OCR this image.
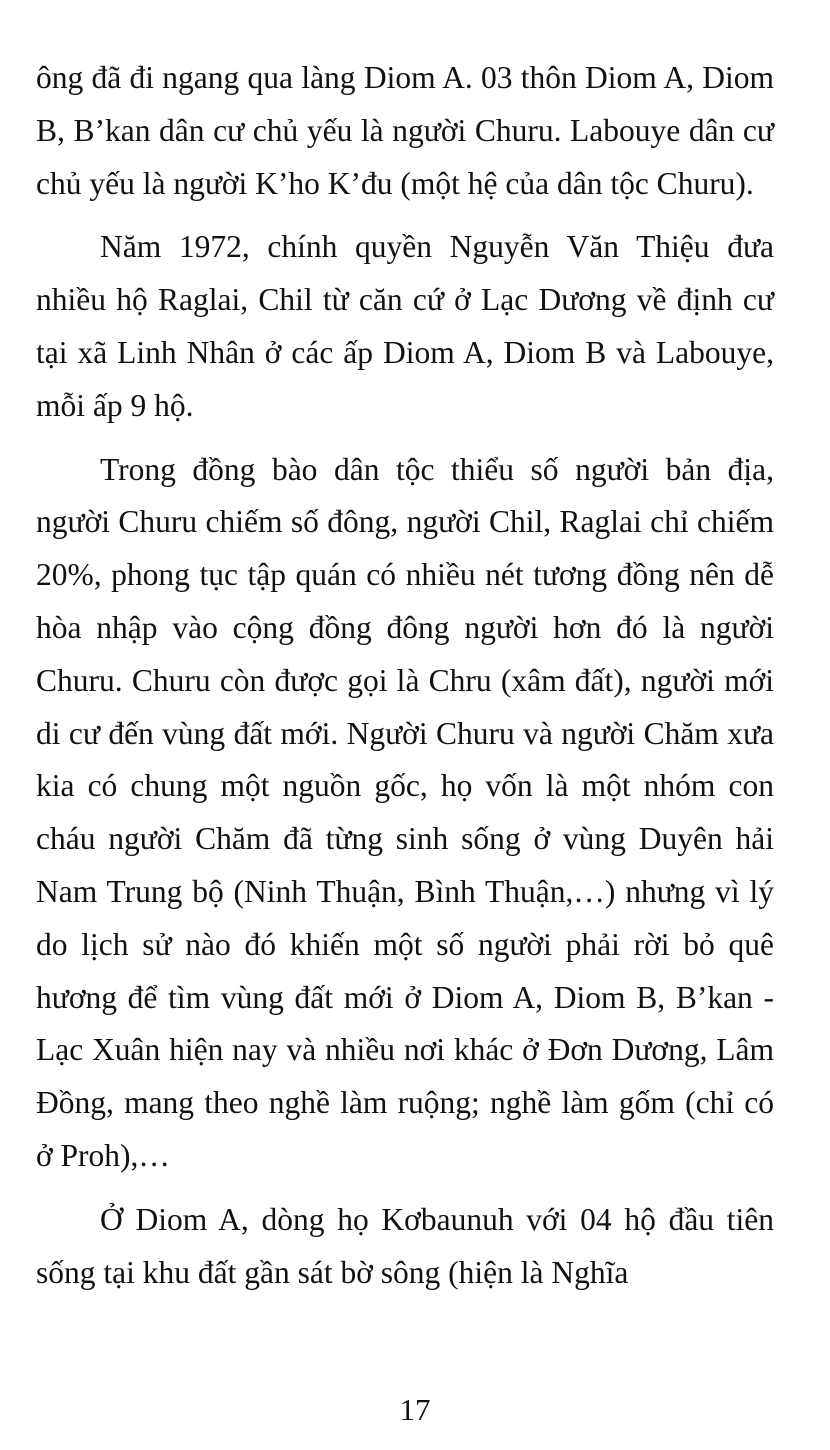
ông đã đi ngang qua làng Diom A. 03 thôn Diom A, Diom B, B’kan dân cư chủ yếu là người Churu. Labouye dân cư chủ yếu là người K’ho K’đu (một hệ của dân tộc Churu).

Năm 1972, chính quyền Nguyễn Văn Thiệu đưa nhiều hộ Raglai, Chil từ căn cứ ở Lạc Dương về định cư tại xã Linh Nhân ở các ấp Diom A, Diom B và Labouye, mỗi ấp 9 hộ.

Trong đồng bào dân tộc thiểu số người bản địa, người Churu chiếm số đông, người Chil, Raglai chỉ chiếm 20%, phong tục tập quán có nhiều nét tương đồng nên dễ hòa nhập vào cộng đồng đông người hơn đó là người Churu. Churu còn được gọi là Chru (xâm đất), người mới di cư đến vùng đất mới. Người Churu và người Chăm xưa kia có chung một nguồn gốc, họ vốn là một nhóm con cháu người Chăm đã từng sinh sống ở vùng Duyên hải Nam Trung bộ (Ninh Thuận, Bình Thuận,…) nhưng vì lý do lịch sử nào đó khiến một số người phải rời bỏ quê hương để tìm vùng đất mới ở Diom A, Diom B, B’kan - Lạc Xuân hiện nay và nhiều nơi khác ở Đơn Dương, Lâm Đồng, mang theo nghề làm ruộng; nghề làm gốm (chỉ có ở Proh),…

Ở Diom A, dòng họ Kơbaunuh với 04 hộ đầu tiên sống tại khu đất gần sát bờ sông (hiện là Nghĩa

17
